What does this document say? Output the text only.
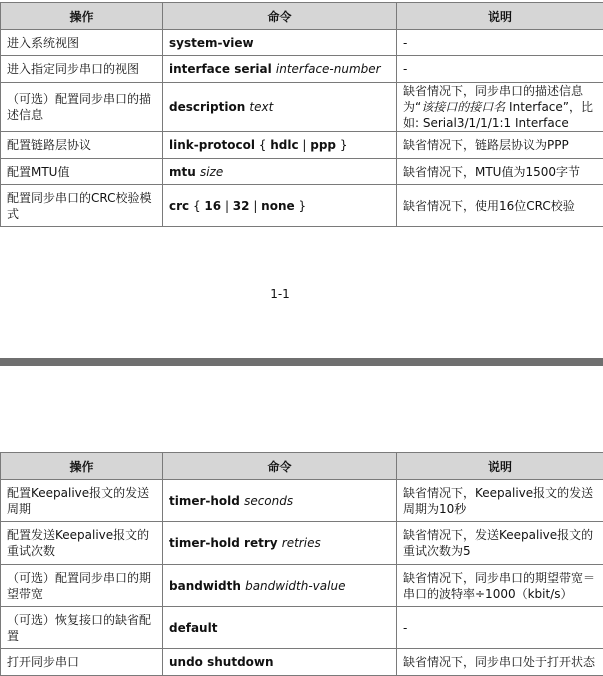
操作	命令	说明
进入系统视图	system-view	-
进入指定同步串口的视图	interface serial interface-number	-
（可选）配置同步串口的描述信息	description text	缺省情况下，同步串口的描述信息为“该接口的接口名 Interface”，比如: Serial3/1/1/1:1 Interface
配置链路层协议	link-protocol { hdlc | ppp }	缺省情况下，链路层协议为PPP
配置MTU值	mtu size	缺省情况下，MTU值为1500字节
配置同步串口的CRC校验模式	crc { 16 | 32 | none }	缺省情况下，使用16位CRC校验
1-1
操作	命令	说明
配置Keepalive报文的发送周期	timer-hold seconds	缺省情况下，Keepalive报文的发送周期为10秒
配置发送Keepalive报文的重试次数	timer-hold retry retries	缺省情况下，发送Keepalive报文的重试次数为5
（可选）配置同步串口的期望带宽	bandwidth bandwidth-value	缺省情况下，同步串口的期望带宽＝串口的波特率÷1000（kbit/s）
（可选）恢复接口的缺省配置	default	-
打开同步串口	undo shutdown	缺省情况下，同步串口处于打开状态
